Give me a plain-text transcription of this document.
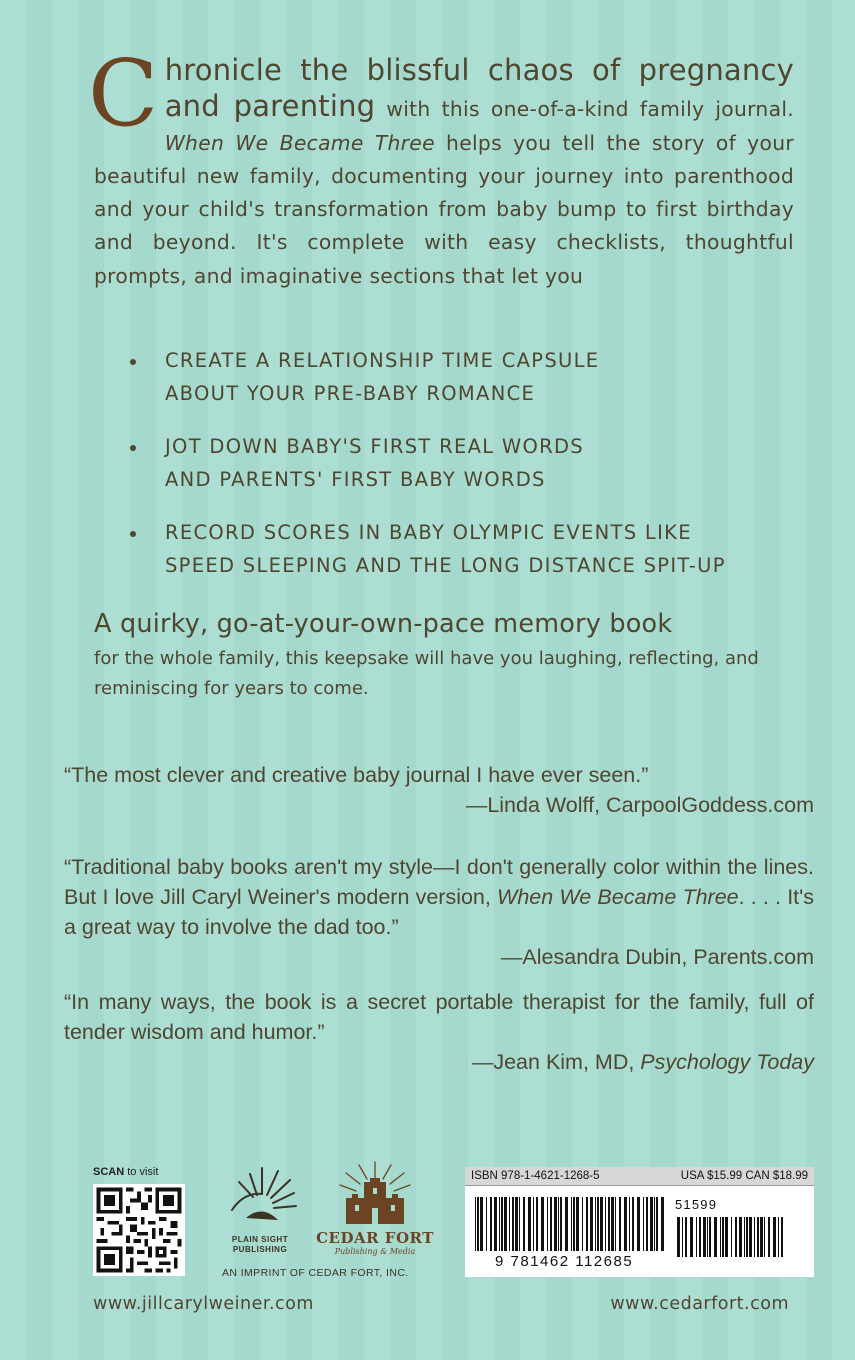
Chronicle the blissful chaos of pregnancy and parenting with this one-of-a-kind family journal. When We Became Three helps you tell the story of your beautiful new family, documenting your journey into parenthood and your child's transformation from baby bump to first birthday and beyond. It's complete with easy checklists, thoughtful prompts, and imaginative sections that let you
CREATE A RELATIONSHIP TIME CAPSULE
ABOUT YOUR PRE-BABY ROMANCE
JOT DOWN BABY'S FIRST REAL WORDS
AND PARENTS' FIRST BABY WORDS
RECORD SCORES IN BABY OLYMPIC EVENTS LIKE
SPEED SLEEPING AND THE LONG DISTANCE SPIT-UP
A quirky, go-at-your-own-pace memory book
for the whole family, this keepsake will have you laughing, reflecting, and reminiscing for years to come.
“The most clever and creative baby journal I have ever seen.”
—Linda Wolff, CarpoolGoddess.com
“Traditional baby books aren't my style—I don't generally color within the lines. But I love Jill Caryl Weiner's modern version, When We Became Three. . . . It's a great way to involve the dad too.”
—Alesandra Dubin, Parents.com
“In many ways, the book is a secret portable therapist for the family, full of tender wisdom and humor.”
—Jean Kim, MD, Psychology Today
SCAN to visit
PLAIN SIGHT
PUBLISHING
CEDAR FORT
Publishing & Media
AN IMPRINT OF CEDAR FORT, INC.
ISBN 978-1-4621-1268-5	USA $15.99 CAN $18.99
51599
9 781462 112685
www.jillcarylweiner.com	www.cedarfort.com
